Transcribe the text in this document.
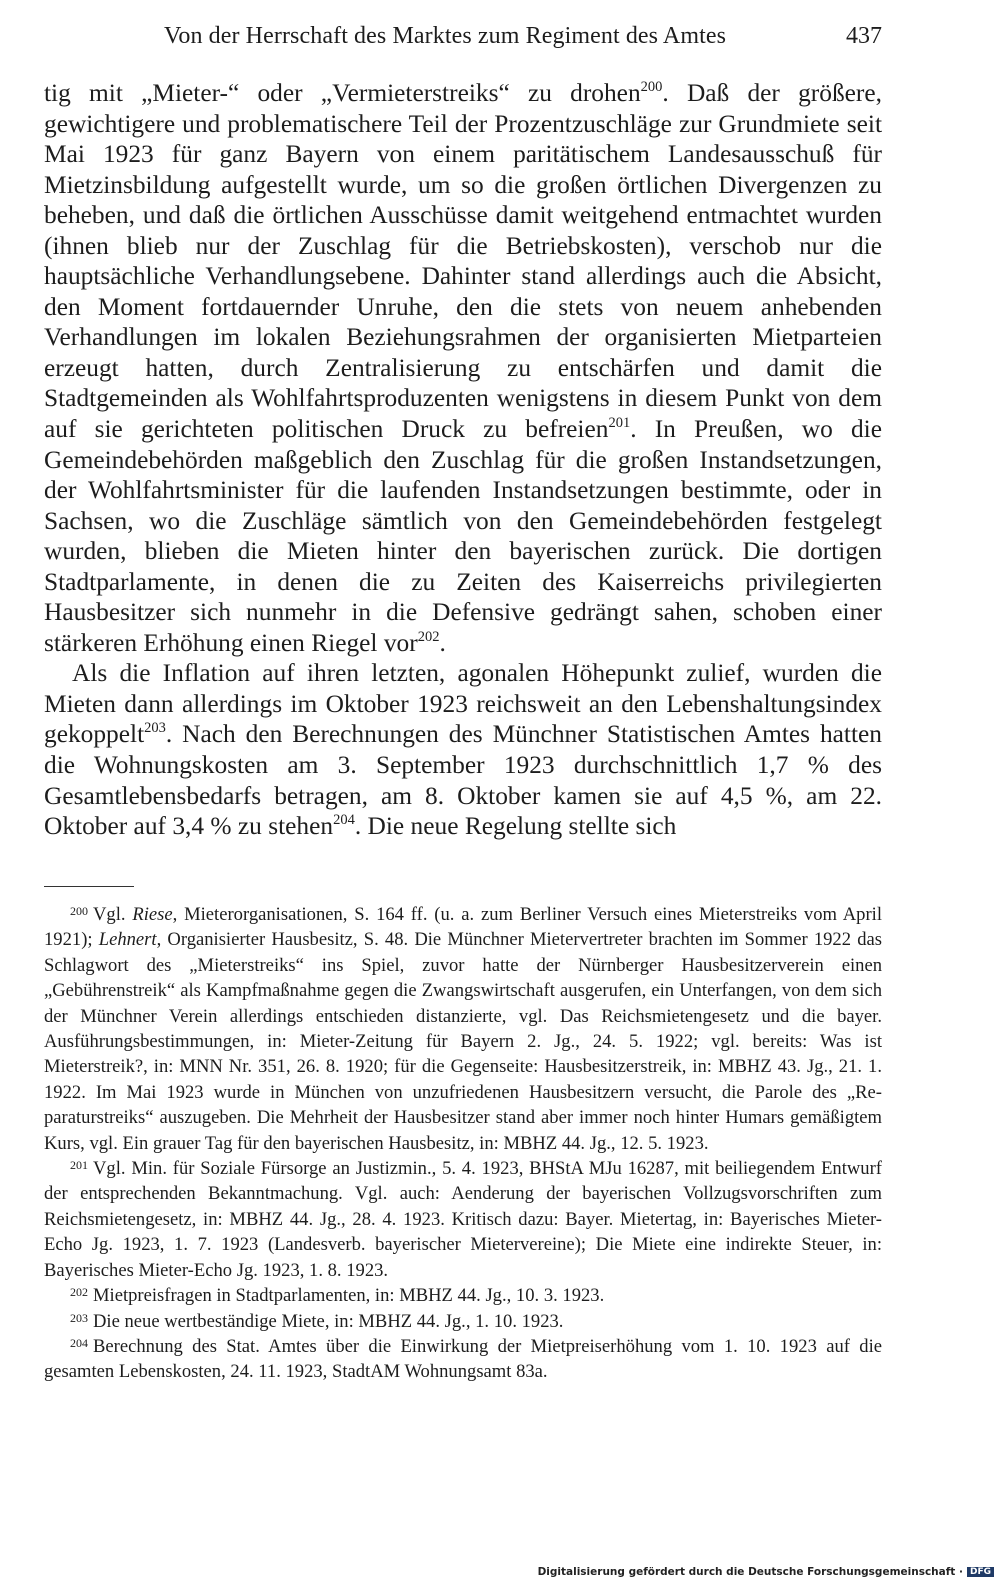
Von der Herrschaft des Marktes zum Regiment des Amtes	437

tig mit „Mieter-“ oder „Vermieterstreiks“ zu drohen$^{200}$. Daß der größere, gewichtigere und problematischere Teil der Prozentzuschläge zur Grundmiete seit Mai 1923 für ganz Bayern von einem paritätischem Landesausschuß für Mietzinsbildung aufgestellt wurde, um so die großen örtlichen Divergenzen zu beheben, und daß die örtlichen Ausschüsse damit weitgehend entmachtet wurden (ihnen blieb nur der Zuschlag für die Betriebskosten), verschob nur die hauptsächliche Verhandlungsebene. Dahinter stand allerdings auch die Absicht, den Moment fortdauernder Unruhe, den die stets von neuem anhebenden Verhandlungen im lokalen Beziehungsrahmen der organisierten Mietparteien erzeugt hatten, durch Zentralisierung zu entschärfen und damit die Stadtgemeinden als Wohlfahrtsproduzenten wenigstens in diesem Punkt von dem auf sie gerichteten politischen Druck zu befreien$^{201}$. In Preußen, wo die Gemeindebehörden maßgeblich den Zuschlag für die großen Instandsetzungen, der Wohlfahrtsminister für die laufenden Instandsetzungen bestimmte, oder in Sachsen, wo die Zuschläge sämtlich von den Gemeindebehörden festgelegt wurden, blieben die Mieten hinter den bayerischen zurück. Die dortigen Stadtparlamente, in denen die zu Zeiten des Kaiserreichs privilegierten Hausbesitzer sich nunmehr in die Defensive gedrängt sahen, schoben einer stärkeren Erhöhung einen Riegel vor$^{202}$.

Als die Inflation auf ihren letzten, agonalen Höhepunkt zulief, wurden die Mieten dann allerdings im Oktober 1923 reichsweit an den Lebenshaltungsindex gekoppelt$^{203}$. Nach den Berechnungen des Münchner Statistischen Amtes hatten die Wohnungskosten am 3. September 1923 durchschnittlich 1,7 % des Gesamtlebensbedarfs betragen, am 8. Oktober kamen sie auf 4,5 %, am 22. Oktober auf 3,4 % zu stehen$^{204}$. Die neue Regelung stellte sich

$^{200}$ Vgl. Riese, Mieterorganisationen, S. 164 ff. (u. a. zum Berliner Versuch eines Mieterstreiks vom April 1921); Lehnert, Organisierter Hausbesitz, S. 48. Die Münchner Mietervertreter brachten im Sommer 1922 das Schlagwort des „Mieterstreiks“ ins Spiel, zuvor hatte der Nürnberger Hausbesitzerverein einen „Gebührenstreik“ als Kampfmaßnahme gegen die Zwangswirtschaft ausgerufen, ein Unterfangen, von dem sich der Münchner Verein allerdings entschieden distanzierte, vgl. Das Reichsmietengesetz und die bayer. Ausführungsbestimmungen, in: Mieter-Zeitung für Bayern 2. Jg., 24. 5. 1922; vgl. bereits: Was ist Mieterstreik?, in: MNN Nr. 351, 26. 8. 1920; für die Gegenseite: Hausbesitzerstreik, in: MBHZ 43. Jg., 21. 1. 1922. Im Mai 1923 wurde in München von unzufriedenen Hausbesitzern versucht, die Parole des „Reparaturstreiks“ auszugeben. Die Mehrheit der Hausbesitzer stand aber immer noch hinter Humars gemäßigtem Kurs, vgl. Ein grauer Tag für den bayerischen Hausbesitz, in: MBHZ 44. Jg., 12. 5. 1923.

$^{201}$ Vgl. Min. für Soziale Fürsorge an Justizmin., 5. 4. 1923, BHStA MJu 16287, mit beiliegendem Entwurf der entsprechenden Bekanntmachung. Vgl. auch: Aenderung der bayerischen Vollzugsvorschriften zum Reichsmietengesetz, in: MBHZ 44. Jg., 28. 4. 1923. Kritisch dazu: Bayer. Mietertag, in: Bayerisches Mieter-Echo Jg. 1923, 1. 7. 1923 (Landesverb. bayerischer Mietervereine); Die Miete eine indirekte Steuer, in: Bayerisches Mieter-Echo Jg. 1923, 1. 8. 1923.

$^{202}$ Mietpreisfragen in Stadtparlamenten, in: MBHZ 44. Jg., 10. 3. 1923.

$^{203}$ Die neue wertbeständige Miete, in: MBHZ 44. Jg., 1. 10. 1923.

$^{204}$ Berechnung des Stat. Amtes über die Einwirkung der Mietpreiserhöhung vom 1. 10. 1923 auf die gesamten Lebenskosten, 24. 11. 1923, StadtAM Wohnungsamt 83a.

Digitalisierung gefördert durch die Deutsche Forschungsgemeinschaft · DFG
